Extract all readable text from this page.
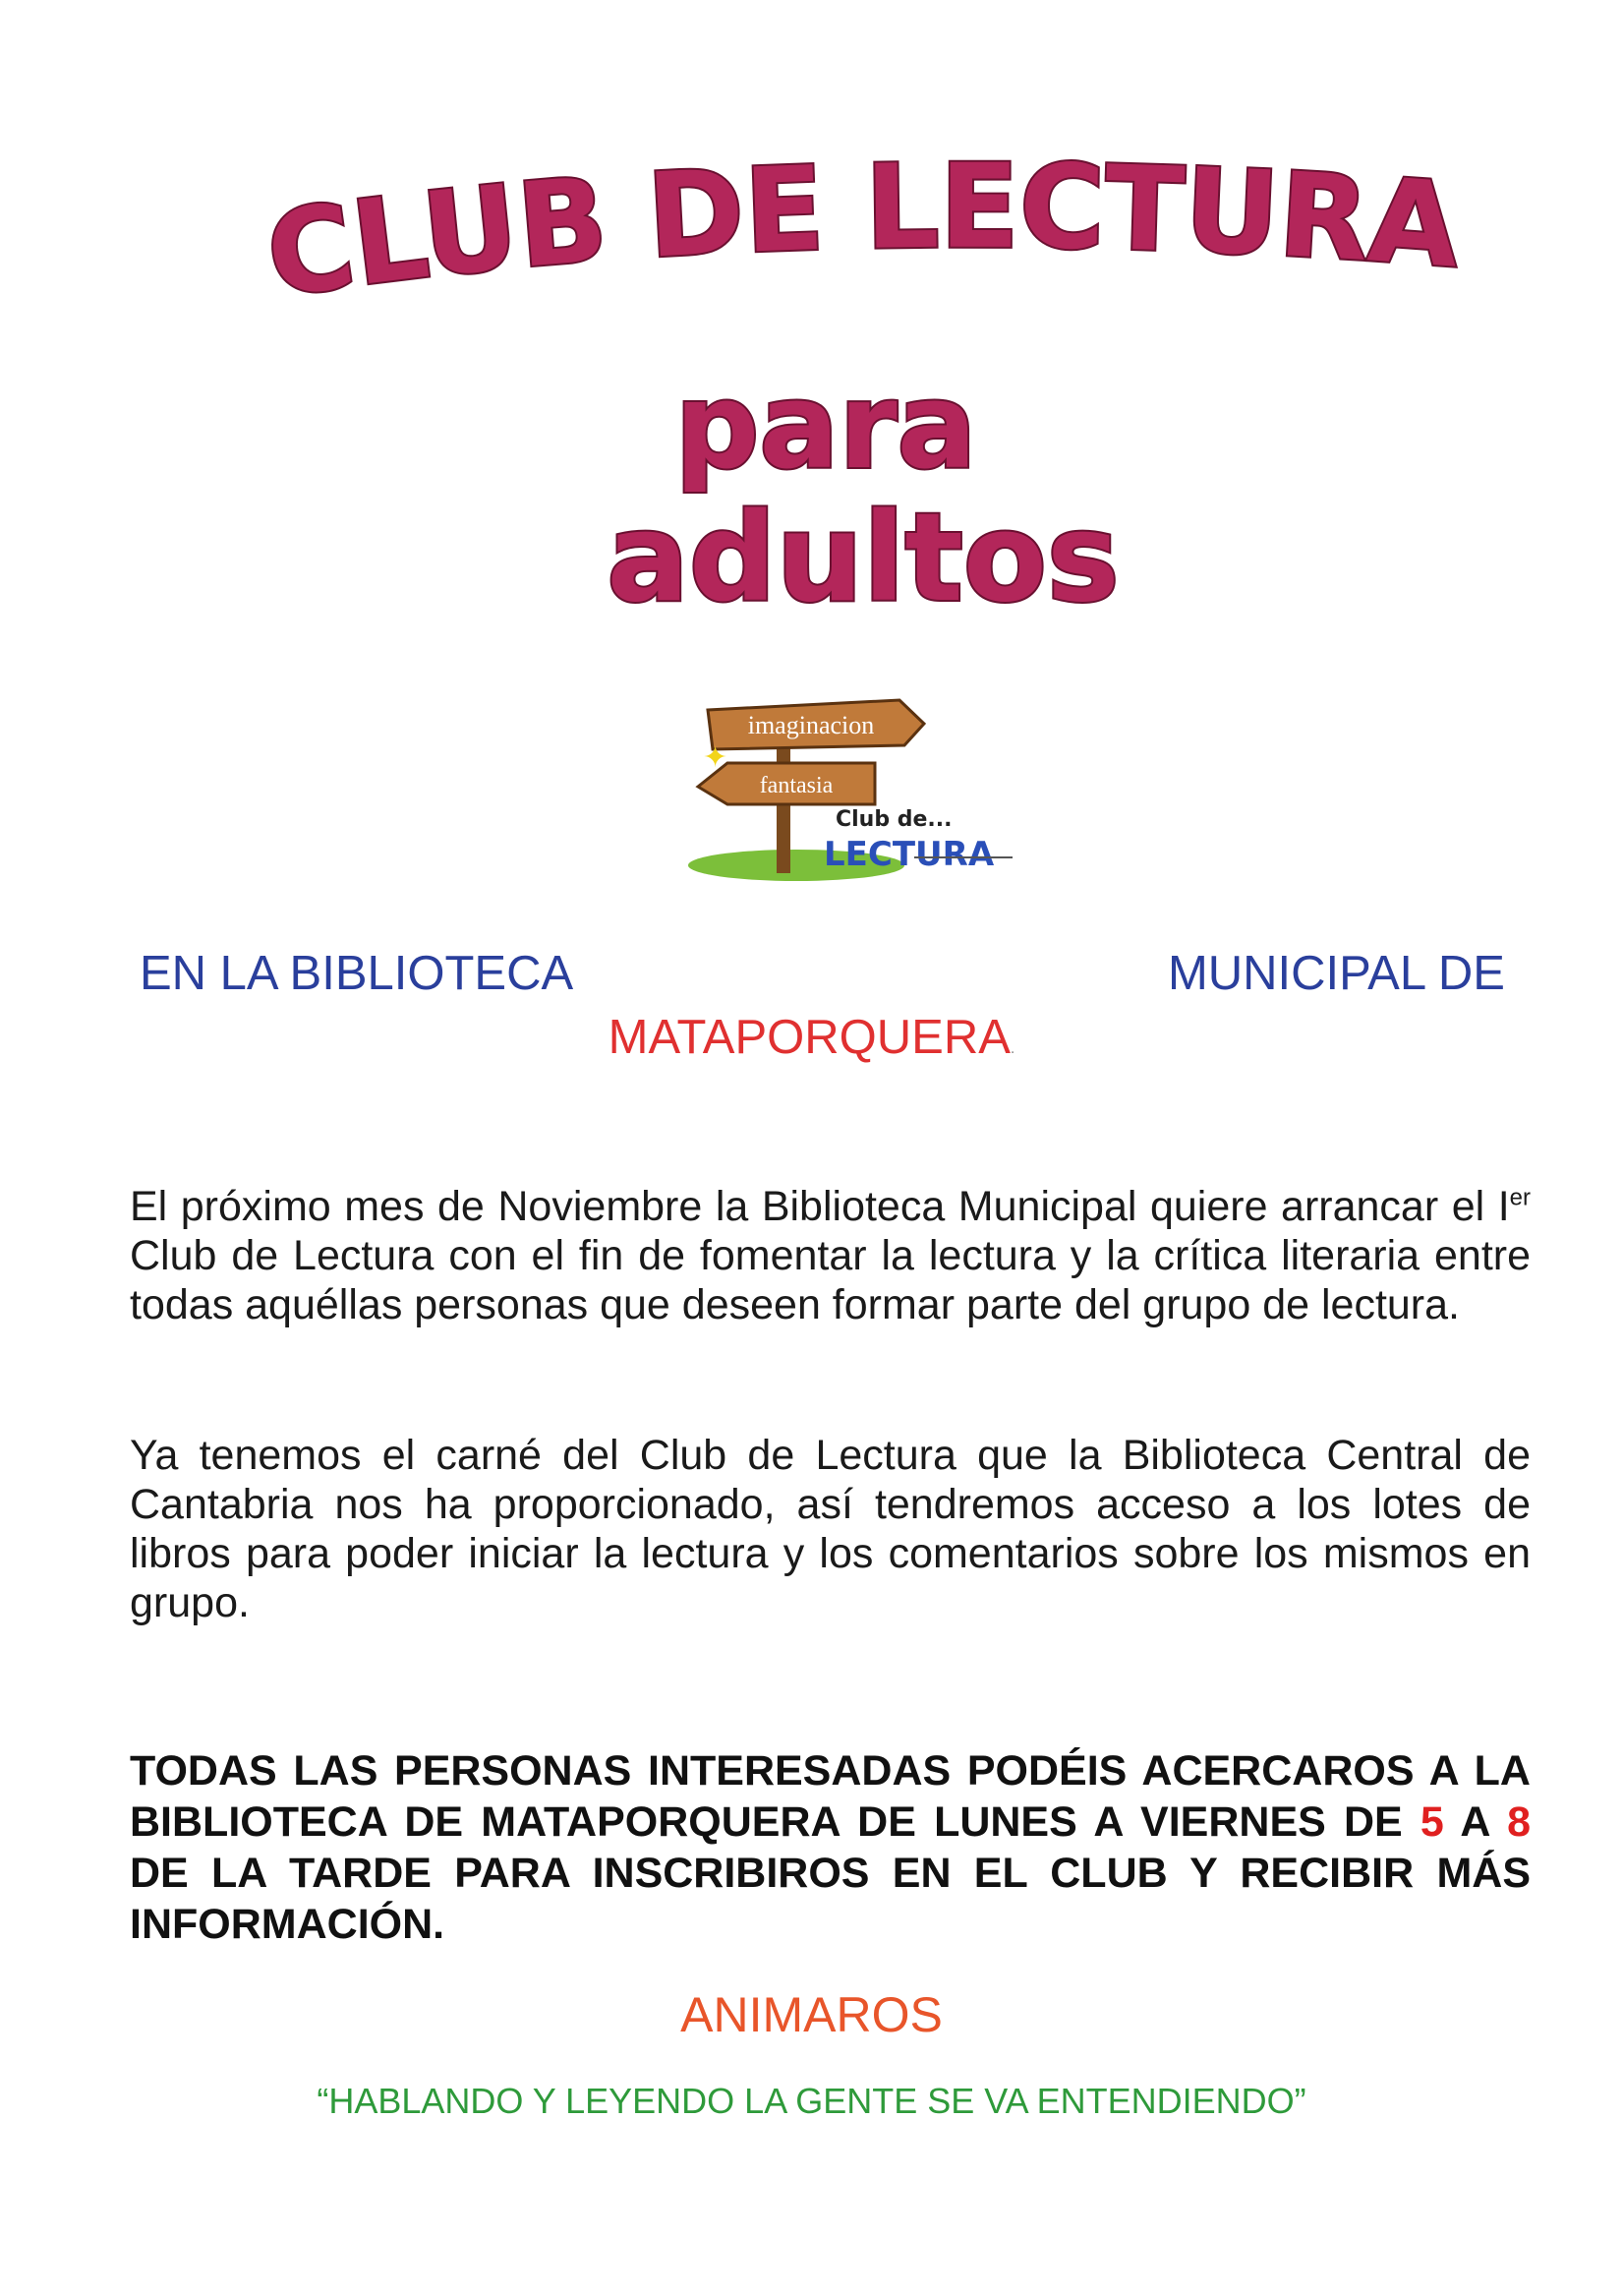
CLUB DE LECTURA
para
adultos
imaginacion
fantasia
✦
Club de...
LECTURA
EN LA BIBLIOTECA	MUNICIPAL DE
MATAPORQUERA.

El próximo mes de Noviembre la Biblioteca Municipal quiere arrancar el Ier Club de Lectura con el fin de fomentar la lectura y la crítica literaria entre todas aquéllas personas que deseen formar parte del grupo de lectura.

Ya tenemos el carné del Club de Lectura que la Biblioteca Central de Cantabria nos ha proporcionado, así tendremos acceso a los lotes de libros para poder iniciar la lectura y los comentarios sobre los mismos en grupo.

TODAS LAS PERSONAS INTERESADAS PODÉIS ACERCAROS A LA BIBLIOTECA DE MATAPORQUERA DE LUNES A VIERNES DE 5 A 8 DE LA TARDE PARA INSCRIBIROS EN EL CLUB Y RECIBIR MÁS INFORMACIÓN.

ANIMAROS
“HABLANDO Y LEYENDO LA GENTE SE VA ENTENDIENDO”
